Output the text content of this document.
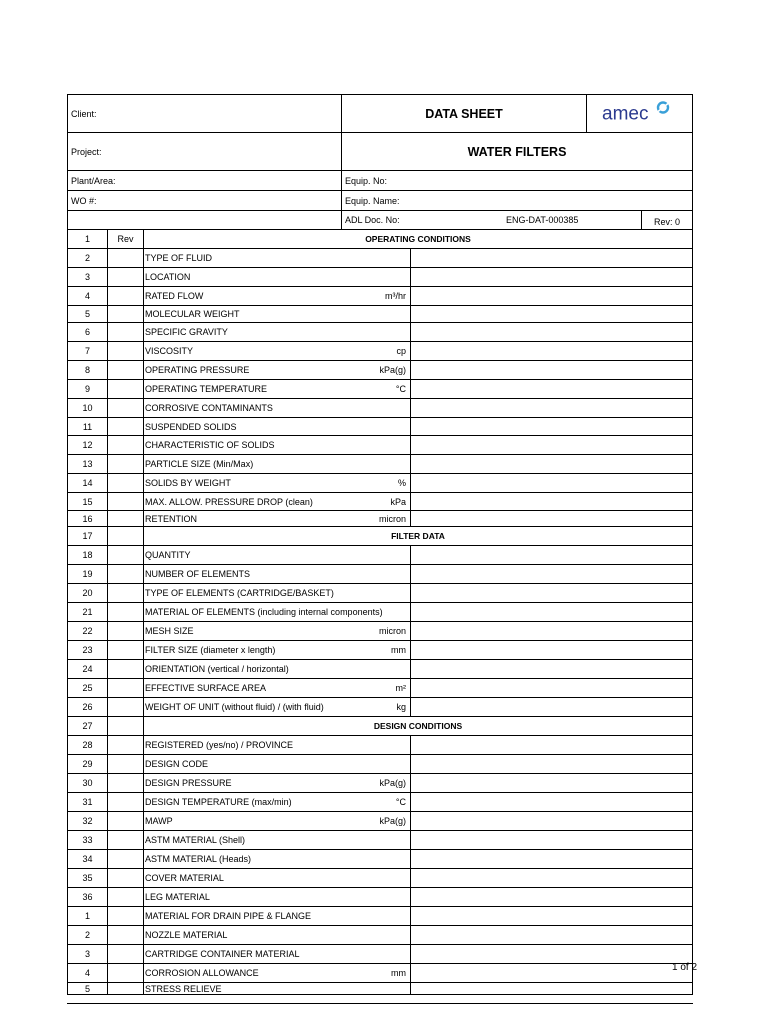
Client:	DATA SHEET	amec
Project:	WATER FILTERS
Plant/Area:	Equip. No:
WO #:	Equip. Name:
ADL Doc. No:	ENG-DAT-000385	Rev: 0
1	Rev	OPERATING CONDITIONS
2	TYPE OF FLUID
3	LOCATION
4	RATED FLOW	m³/hr
5	MOLECULAR WEIGHT
6	SPECIFIC GRAVITY
7	VISCOSITY	cp
8	OPERATING PRESSURE	kPa(g)
9	OPERATING TEMPERATURE	°C
10	CORROSIVE CONTAMINANTS
11	SUSPENDED SOLIDS
12	CHARACTERISTIC OF SOLIDS
13	PARTICLE SIZE (Min/Max)
14	SOLIDS BY WEIGHT	%
15	MAX. ALLOW. PRESSURE DROP (clean)	kPa
16	RETENTION	micron
17	FILTER DATA
18	QUANTITY
19	NUMBER OF ELEMENTS
20	TYPE OF ELEMENTS (CARTRIDGE/BASKET)
21	MATERIAL OF ELEMENTS (including internal components)
22	MESH SIZE	micron
23	FILTER SIZE (diameter x length)	mm
24	ORIENTATION (vertical / horizontal)
25	EFFECTIVE SURFACE AREA	m²
26	WEIGHT OF UNIT (without fluid) / (with fluid)	kg
27	DESIGN CONDITIONS
28	REGISTERED (yes/no) / PROVINCE
29	DESIGN CODE
30	DESIGN PRESSURE	kPa(g)
31	DESIGN TEMPERATURE (max/min)	°C
32	MAWP	kPa(g)
33	ASTM MATERIAL (Shell)
34	ASTM MATERIAL (Heads)
35	COVER MATERIAL
36	LEG MATERIAL
1	MATERIAL FOR DRAIN PIPE & FLANGE
2	NOZZLE MATERIAL
3	CARTRIDGE CONTAINER MATERIAL
4	CORROSION ALLOWANCE	mm
5	STRESS RELIEVE
1 of 2
